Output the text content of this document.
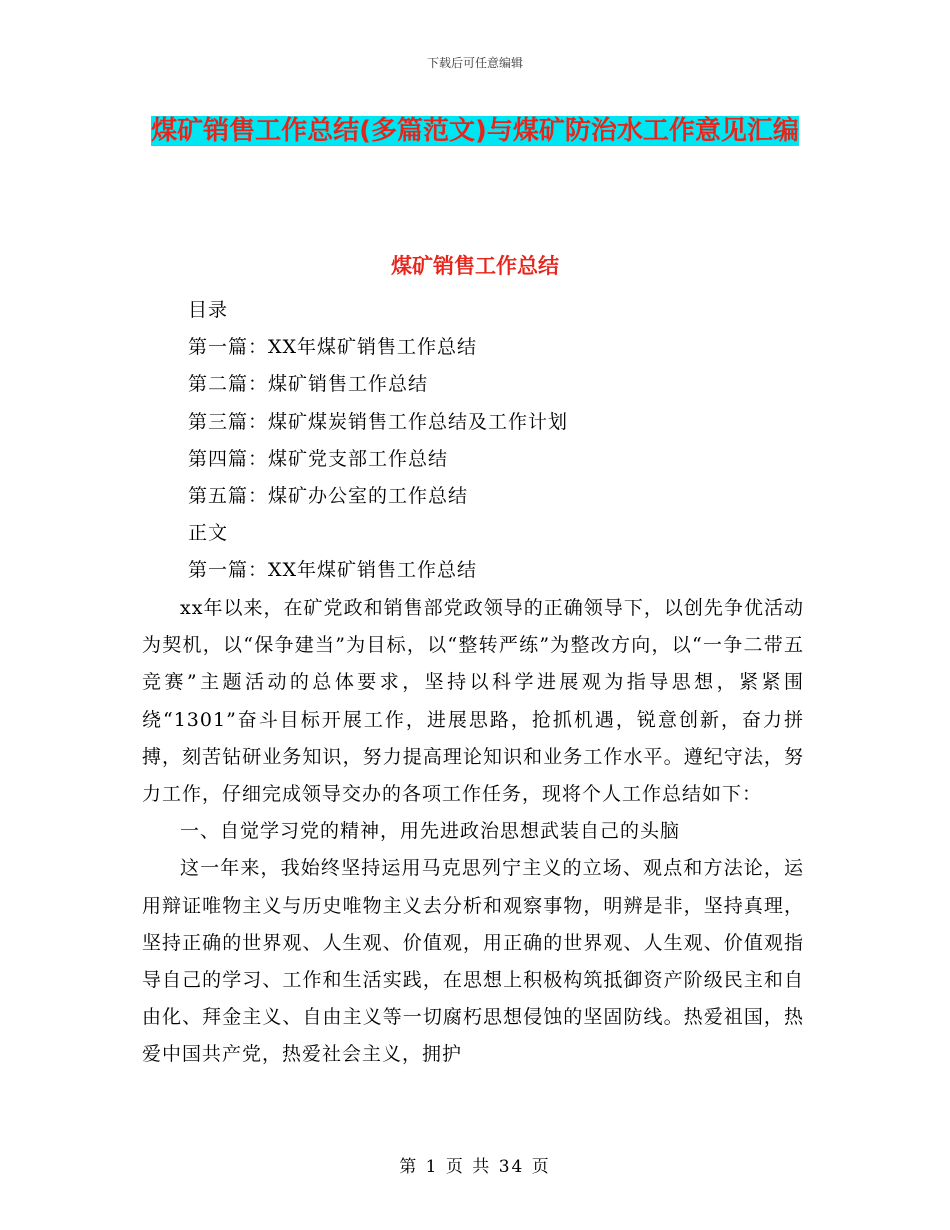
下载后可任意编辑
煤矿销售工作总结(多篇范文)与煤矿防治水工作意见汇编
煤矿销售工作总结
目录
第一篇：XX年煤矿销售工作总结
第二篇：煤矿销售工作总结
第三篇：煤矿煤炭销售工作总结及工作计划
第四篇：煤矿党支部工作总结
第五篇：煤矿办公室的工作总结
正文
第一篇：XX年煤矿销售工作总结

xx年以来，在矿党政和销售部党政领导的正确领导下，以创先争优活动为契机，以“保争建当”为目标，以“整转严练”为整改方向，以“一争二带五竞赛”主题活动的总体要求，坚持以科学进展观为指导思想，紧紧围绕“1301”奋斗目标开展工作，进展思路，抢抓机遇，锐意创新，奋力拼搏，刻苦钻研业务知识，努力提高理论知识和业务工作水平。遵纪守法，努力工作，仔细完成领导交办的各项工作任务，现将个人工作总结如下：

一、自觉学习党的精神，用先进政治思想武装自己的头脑

这一年来，我始终坚持运用马克思列宁主义的立场、观点和方法论，运用辩证唯物主义与历史唯物主义去分析和观察事物，明辨是非，坚持真理，坚持正确的世界观、人生观、价值观，用正确的世界观、人生观、价值观指导自己的学习、工作和生活实践，在思想上积极构筑抵御资产阶级民主和自由化、拜金主义、自由主义等一切腐朽思想侵蚀的坚固防线。热爱祖国，热爱中国共产党，热爱社会主义，拥护

第 1 页 共 34 页
